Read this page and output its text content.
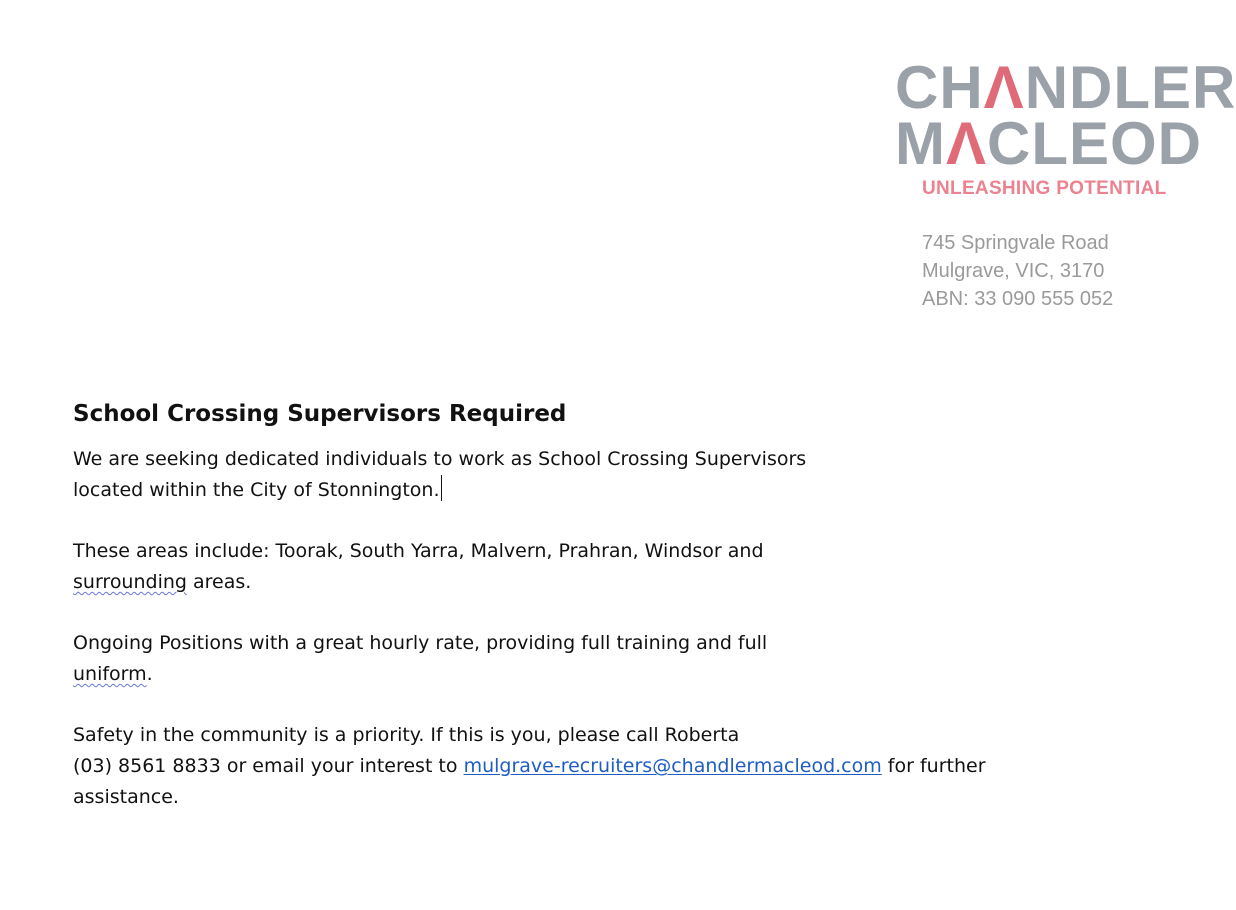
CHΛNDLER
MΛCLEOD
UNLEASHING POTENTIAL
745 Springvale Road
Mulgrave, VIC, 3170
ABN: 33 090 555 052
School Crossing Supervisors Required
We are seeking dedicated individuals to work as School Crossing Supervisors
located within the City of Stonnington.
These areas include: Toorak, South Yarra, Malvern, Prahran, Windsor and
surrounding areas.
Ongoing Positions with a great hourly rate, providing full training and full
uniform.
Safety in the community is a priority. If this is you, please call Roberta
(03) 8561 8833 or email your interest to mulgrave-recruiters@chandlermacleod.com for further
assistance.
